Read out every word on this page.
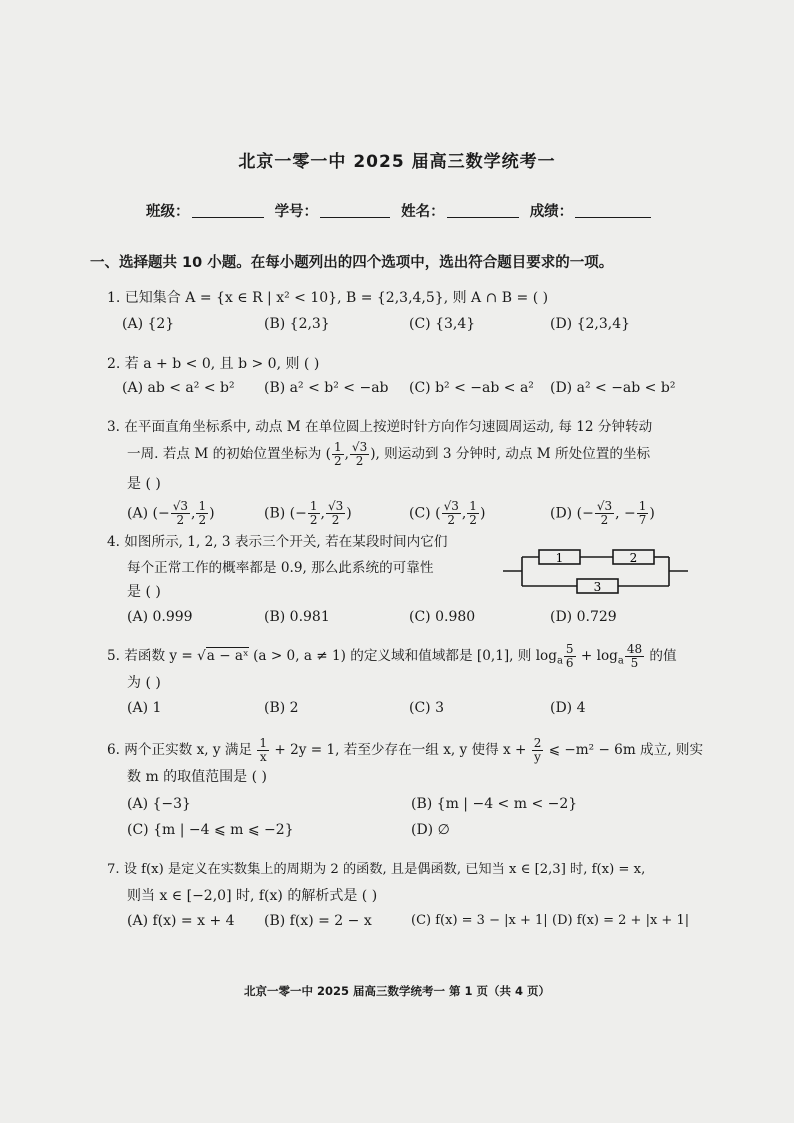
北京一零一中 2025 届高三数学统考一
班级：	学号：	姓名：	成绩：
一、选择题共 10 小题。在每小题列出的四个选项中，选出符合题目要求的一项。
1. 已知集合 A = {x ∈ R | x² < 10}, B = {2,3,4,5}, 则 A ∩ B = ( )
(A) {2}	(B) {2,3}	(C) {3,4}	(D) {2,3,4}
2. 若 a + b < 0, 且 b > 0, 则 ( )
(A) ab < a² < b² (B) a² < b² < −ab (C) b² < −ab < a² (D) a² < −ab < b²
3. 在平面直角坐标系中, 动点 M 在单位圆上按逆时针方向作匀速圆周运动, 每 12 分钟转动
一周. 若点 M 的初始位置坐标为 ( $\frac{1}{2}$ , $\frac{√3}{2}$ ), 则运动到 3 分钟时, 动点 M 所处位置的坐标
是 ( )
(A) (− $\frac{√3}{2}$ , $\frac{1}{2}$ )	(B) (− $\frac{1}{2}$ , $\frac{√3}{2}$ )	(C) ( $\frac{√3}{2}$ , $\frac{1}{2}$ )	(D) (− $\frac{√3}{2}$ , − $\frac{1}{7}$ )
4. 如图所示, 1, 2, 3 表示三个开关, 若在某段时间内它们
每个正常工作的概率都是 0.9, 那么此系统的可靠性
是 ( )
1	2
3
(A) 0.999	(B) 0.981	(C) 0.980	(D) 0.729
5. 若函数 y = √a − aˣ (a > 0, a ≠ 1) 的定义域和值域都是 [0,1], 则 $\log_a \frac{5}{6} + \log_a \frac{48}{5}$ 的值
为 ( )
(A) 1	(B) 2	(C) 3	(D) 4
6. 两个正实数 x, y 满足 $\frac{1}{x} + 2y = 1$, 若至少存在一组 x, y 使得 $x + \frac{2}{y}$ ⩽ −m² − 6m 成立, 则实
数 m 的取值范围是 ( )
(A) {−3}	(B) {m | −4 < m < −2}
(C) {m | −4 ⩽ m ⩽ −2}	(D) ∅
7. 设 f(x) 是定义在实数集上的周期为 2 的函数, 且是偶函数, 已知当 x ∈ [2,3] 时, f(x) = x,
则当 x ∈ [−2,0] 时, f(x) 的解析式是 ( )
(A) f(x) = x + 4 (B) f(x) = 2 − x	(C) f(x) = 3 − |x + 1| (D) f(x) = 2 + |x + 1|
北京一零一中 2025 届高三数学统考一 第 1 页（共 4 页）
